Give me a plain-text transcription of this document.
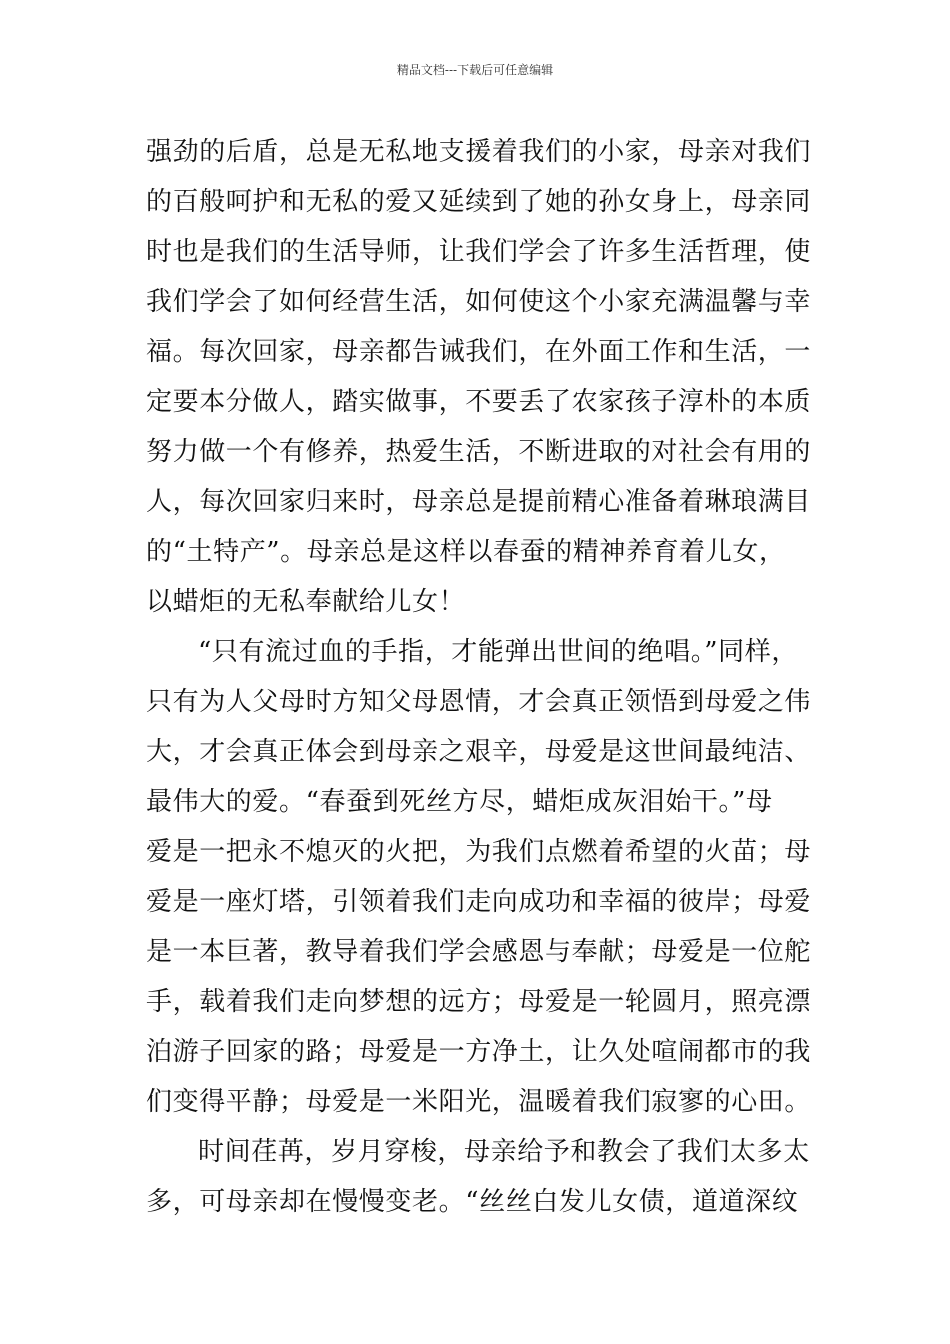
精品文档---下载后可任意编辑
强劲的后盾，总是无私地支援着我们的小家，母亲对我们
的百般呵护和无私的爱又延续到了她的孙女身上，母亲同
时也是我们的生活导师，让我们学会了许多生活哲理，使
我们学会了如何经营生活，如何使这个小家充满温馨与幸
福。每次回家，母亲都告诫我们，在外面工作和生活，一
定要本分做人，踏实做事，不要丢了农家孩子淳朴的本质
努力做一个有修养，热爱生活，不断进取的对社会有用的
人，每次回家归来时，母亲总是提前精心准备着琳琅满目
的“土特产”。母亲总是这样以春蚕的精神养育着儿女，
以蜡炬的无私奉献给儿女！
“只有流过血的手指，才能弹出世间的绝唱。”同样，
只有为人父母时方知父母恩情，才会真正领悟到母爱之伟
大，才会真正体会到母亲之艰辛，母爱是这世间最纯洁、
最伟大的爱。“春蚕到死丝方尽，蜡炬成灰泪始干。”母
爱是一把永不熄灭的火把，为我们点燃着希望的火苗；母
爱是一座灯塔，引领着我们走向成功和幸福的彼岸；母爱
是一本巨著，教导着我们学会感恩与奉献；母爱是一位舵
手，载着我们走向梦想的远方；母爱是一轮圆月，照亮漂
泊游子回家的路；母爱是一方净土，让久处喧闹都市的我
们变得平静；母爱是一米阳光，温暖着我们寂寥的心田。
时间荏苒，岁月穿梭，母亲给予和教会了我们太多太
多，可母亲却在慢慢变老。“丝丝白发儿女债，道道深纹
